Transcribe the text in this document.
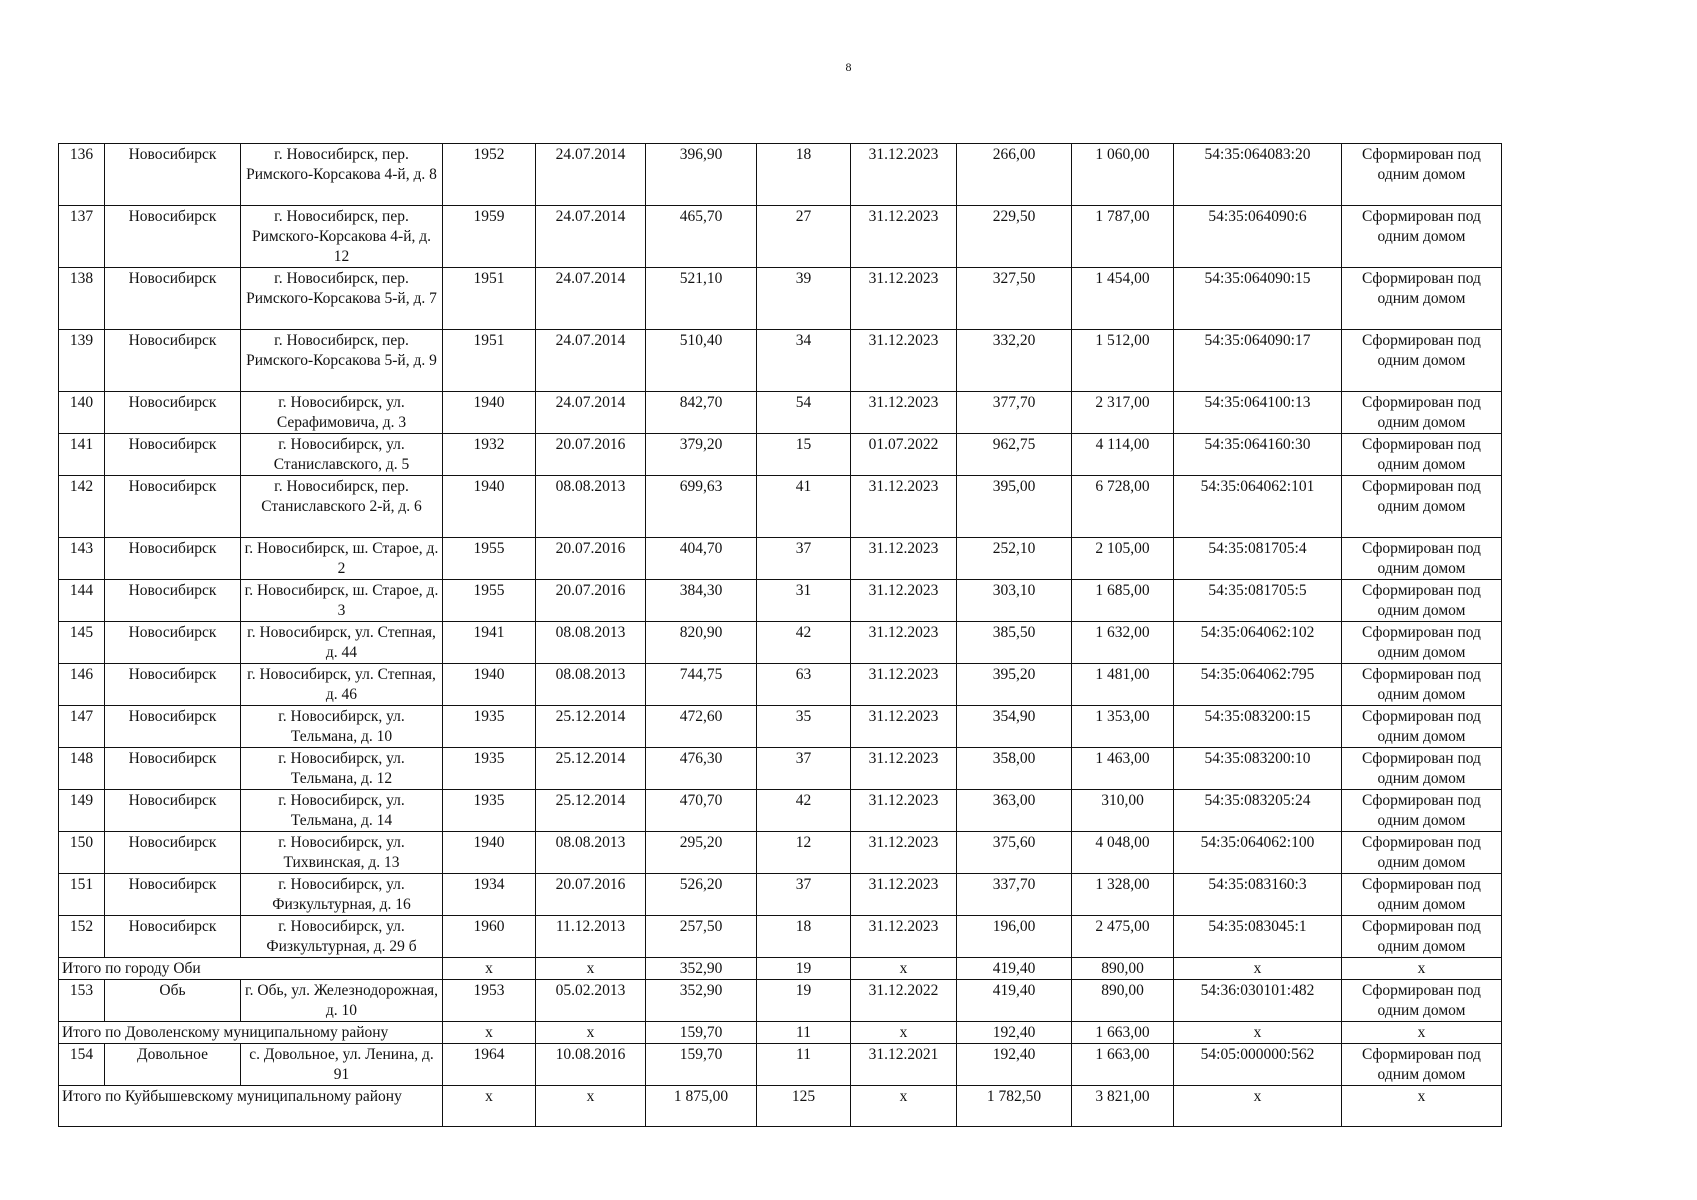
8
136	Новосибирск	г. Новосибирск, пер. Римского-Корсакова 4-й, д. 8	1952	24.07.2014	396,90	18	31.12.2023	266,00	1 060,00	54:35:064083:20	Сформирован под одним домом
137	Новосибирск	г. Новосибирск, пер. Римского-Корсакова 4-й, д. 12	1959	24.07.2014	465,70	27	31.12.2023	229,50	1 787,00	54:35:064090:6	Сформирован под одним домом
138	Новосибирск	г. Новосибирск, пер. Римского-Корсакова 5-й, д. 7	1951	24.07.2014	521,10	39	31.12.2023	327,50	1 454,00	54:35:064090:15	Сформирован под одним домом
139	Новосибирск	г. Новосибирск, пер. Римского-Корсакова 5-й, д. 9	1951	24.07.2014	510,40	34	31.12.2023	332,20	1 512,00	54:35:064090:17	Сформирован под одним домом
140	Новосибирск	г. Новосибирск, ул. Серафимовича, д. 3	1940	24.07.2014	842,70	54	31.12.2023	377,70	2 317,00	54:35:064100:13	Сформирован под одним домом
141	Новосибирск	г. Новосибирск, ул. Станиславского, д. 5	1932	20.07.2016	379,20	15	01.07.2022	962,75	4 114,00	54:35:064160:30	Сформирован под одним домом
142	Новосибирск	г. Новосибирск, пер. Станиславского 2-й, д. 6	1940	08.08.2013	699,63	41	31.12.2023	395,00	6 728,00	54:35:064062:101	Сформирован под одним домом
143	Новосибирск	г. Новосибирск, ш. Старое, д. 2	1955	20.07.2016	404,70	37	31.12.2023	252,10	2 105,00	54:35:081705:4	Сформирован под одним домом
144	Новосибирск	г. Новосибирск, ш. Старое, д. 3	1955	20.07.2016	384,30	31	31.12.2023	303,10	1 685,00	54:35:081705:5	Сформирован под одним домом
145	Новосибирск	г. Новосибирск, ул. Степная, д. 44	1941	08.08.2013	820,90	42	31.12.2023	385,50	1 632,00	54:35:064062:102	Сформирован под одним домом
146	Новосибирск	г. Новосибирск, ул. Степная, д. 46	1940	08.08.2013	744,75	63	31.12.2023	395,20	1 481,00	54:35:064062:795	Сформирован под одним домом
147	Новосибирск	г. Новосибирск, ул. Тельмана, д. 10	1935	25.12.2014	472,60	35	31.12.2023	354,90	1 353,00	54:35:083200:15	Сформирован под одним домом
148	Новосибирск	г. Новосибирск, ул. Тельмана, д. 12	1935	25.12.2014	476,30	37	31.12.2023	358,00	1 463,00	54:35:083200:10	Сформирован под одним домом
149	Новосибирск	г. Новосибирск, ул. Тельмана, д. 14	1935	25.12.2014	470,70	42	31.12.2023	363,00	310,00	54:35:083205:24	Сформирован под одним домом
150	Новосибирск	г. Новосибирск, ул. Тихвинская, д. 13	1940	08.08.2013	295,20	12	31.12.2023	375,60	4 048,00	54:35:064062:100	Сформирован под одним домом
151	Новосибирск	г. Новосибирск, ул. Физкультурная, д. 16	1934	20.07.2016	526,20	37	31.12.2023	337,70	1 328,00	54:35:083160:3	Сформирован под одним домом
152	Новосибирск	г. Новосибирск, ул. Физкультурная, д. 29 б	1960	11.12.2013	257,50	18	31.12.2023	196,00	2 475,00	54:35:083045:1	Сформирован под одним домом
Итого по городу Оби			х	х	352,90	19	х	419,40	890,00	х	х
153	Обь	г. Обь, ул. Железнодорожная, д. 10	1953	05.02.2013	352,90	19	31.12.2022	419,40	890,00	54:36:030101:482	Сформирован под одним домом
Итого по Доволенскому муниципальному району			х	х	159,70	11	х	192,40	1 663,00	х	х
154	Довольное	с. Довольное, ул. Ленина, д. 91	1964	10.08.2016	159,70	11	31.12.2021	192,40	1 663,00	54:05:000000:562	Сформирован под одним домом
Итого по Куйбышевскому муниципальному району			х	х	1 875,00	125	х	1 782,50	3 821,00	х	х
